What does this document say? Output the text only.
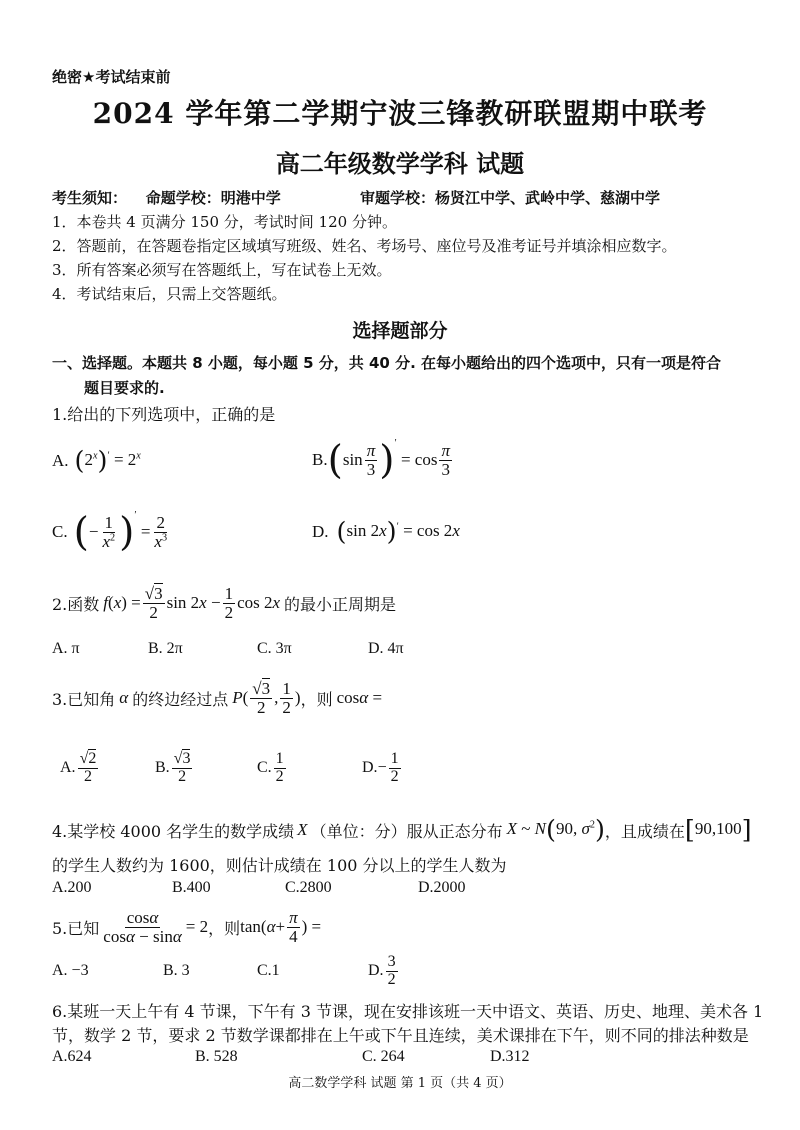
绝密★考试结束前
2024 学年第二学期宁波三锋教研联盟期中联考
高二年级数学学科 试题
考生须知： 命题学校：明港中学	审题学校：杨贤江中学、武岭中学、慈湖中学
1．本卷共 4 页满分 150 分，考试时间 120 分钟。
2．答题前，在答题卷指定区域填写班级、姓名、考场号、座位号及准考证号并填涂相应数字。
3．所有答案必须写在答题纸上，写在试卷上无效。
4．考试结束后，只需上交答题纸。
选择题部分
一、选择题。本题共 8 小题，每小题 5 分，共 40 分. 在每小题给出的四个选项中，只有一项是符合
题目要求的.
1.给出的下列选项中，正确的是
A. $(2^x)' = 2^x$	B. ( $\sin \frac{\pi}{3} )'$
= $\cos \frac{\pi}{3}$
C. ( − $\frac{1}{x^2} )'$
= $\frac{2}{x^3}$	D. (sin 2x)′ = cos 2x
2.函数 f ( x ) = $\frac{√3}{2}$ sin 2 $x - \frac{1}{2}$ cos 2 x 的最小正周期是
A. π	B. 2π	C. 3π	D. 4π
3.已知角 α 的终边经过点 P ( $\frac{√3}{2}$ , $\frac{1}{2}$ ) ，则 cosα =
A. $\frac{√2}{2}$	B. $\frac{√3}{2}$	C. $\frac{1}{2}$	D. − $\frac{1}{2}$
4.某学校 4000 名学生的数学成绩 X （单位：分）服从正态分布 X ~ N(90, $\sigma^2$) ，且成绩在 [90,100]
的学生人数约为 1600，则估计成绩在 100 分以上的学生人数为
A.200	B.400	C.2800	D.2000
5.已知 $\frac{\cos\alpha}{\cos\alpha - \sin\alpha} = 2$ ，则 tan( $\alpha + \frac{\pi}{4}$ ) =
A. −3	B. 3	C.1	D. $\frac{3}{2}$
6.某班一天上午有 4 节课，下午有 3 节课，现在安排该班一天中语文、英语、历史、地理、美术各 1
节，数学 2 节，要求 2 节数学课都排在上午或下午且连续，美术课排在下午，则不同的排法种数是
A.624	B. 528	C. 264	D.312
高二数学学科 试题 第 1 页（共 4 页）
